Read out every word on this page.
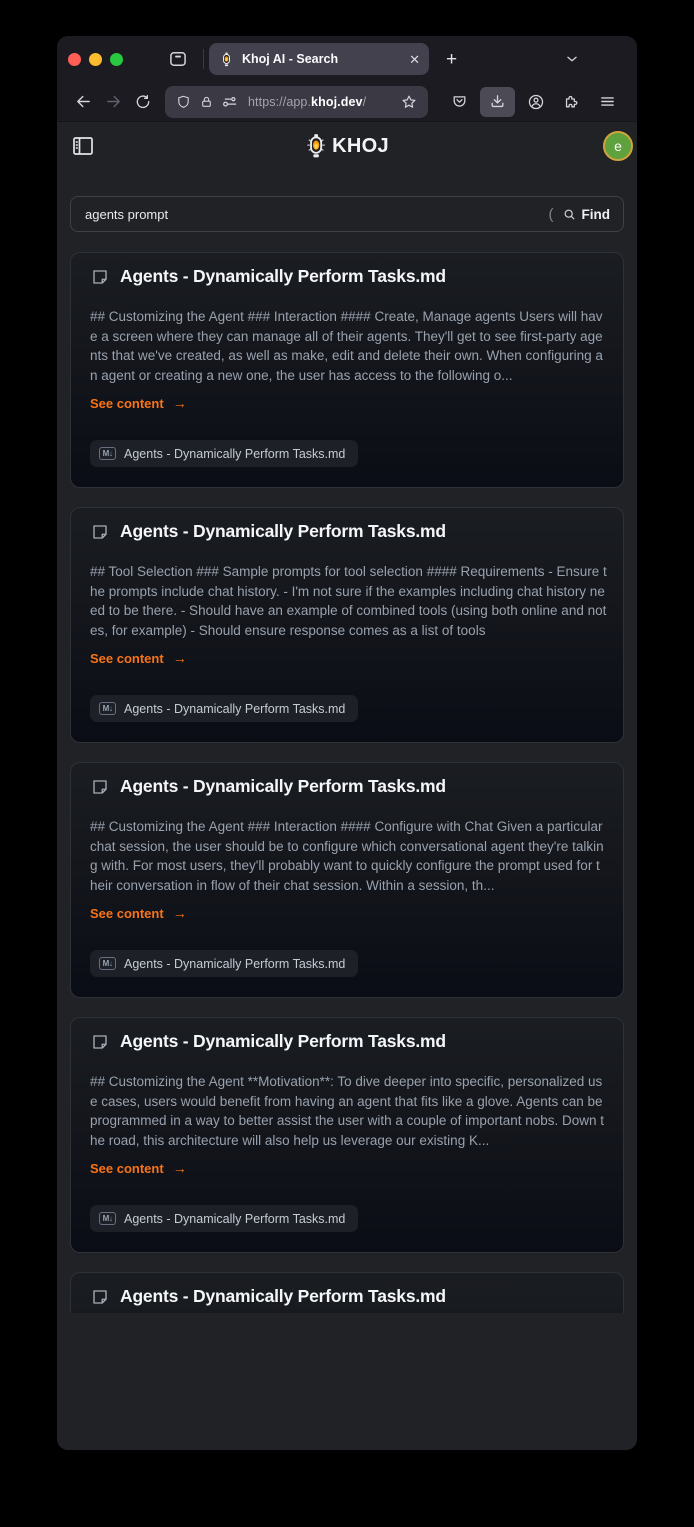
Khoj AI - Search	✕ +
https://app.khoj.dev/
KHOJ	e
agents prompt
( Find
Agents - Dynamically Perform Tasks.md
## Customizing the Agent ### Interaction #### Create, Manage agents Users will have a screen where they can manage all of their agents. They'll get to see first-party agents that we've created, as well as make, edit and delete their own. When configuring an agent or creating a new one, the user has access to the following o...
See content →
M↓ Agents - Dynamically Perform Tasks.md
Agents - Dynamically Perform Tasks.md
## Tool Selection ### Sample prompts for tool selection #### Requirements - Ensure the prompts include chat history. - I'm not sure if the examples including chat history need to be there. - Should have an example of combined tools (using both online and notes, for example) - Should ensure response comes as a list of tools
See content →
M↓ Agents - Dynamically Perform Tasks.md
Agents - Dynamically Perform Tasks.md
## Customizing the Agent ### Interaction #### Configure with Chat Given a particular chat session, the user should be to configure which conversational agent they're talking with. For most users, they'll probably want to quickly configure the prompt used for their conversation in flow of their chat session. Within a session, th...
See content →
M↓ Agents - Dynamically Perform Tasks.md
Agents - Dynamically Perform Tasks.md
## Customizing the Agent **Motivation**: To dive deeper into specific, personalized use cases, users would benefit from having an agent that fits like a glove. Agents can be programmed in a way to better assist the user with a couple of important nobs. Down the road, this architecture will also help us leverage our existing K...
See content →
M↓ Agents - Dynamically Perform Tasks.md
Agents - Dynamically Perform Tasks.md
